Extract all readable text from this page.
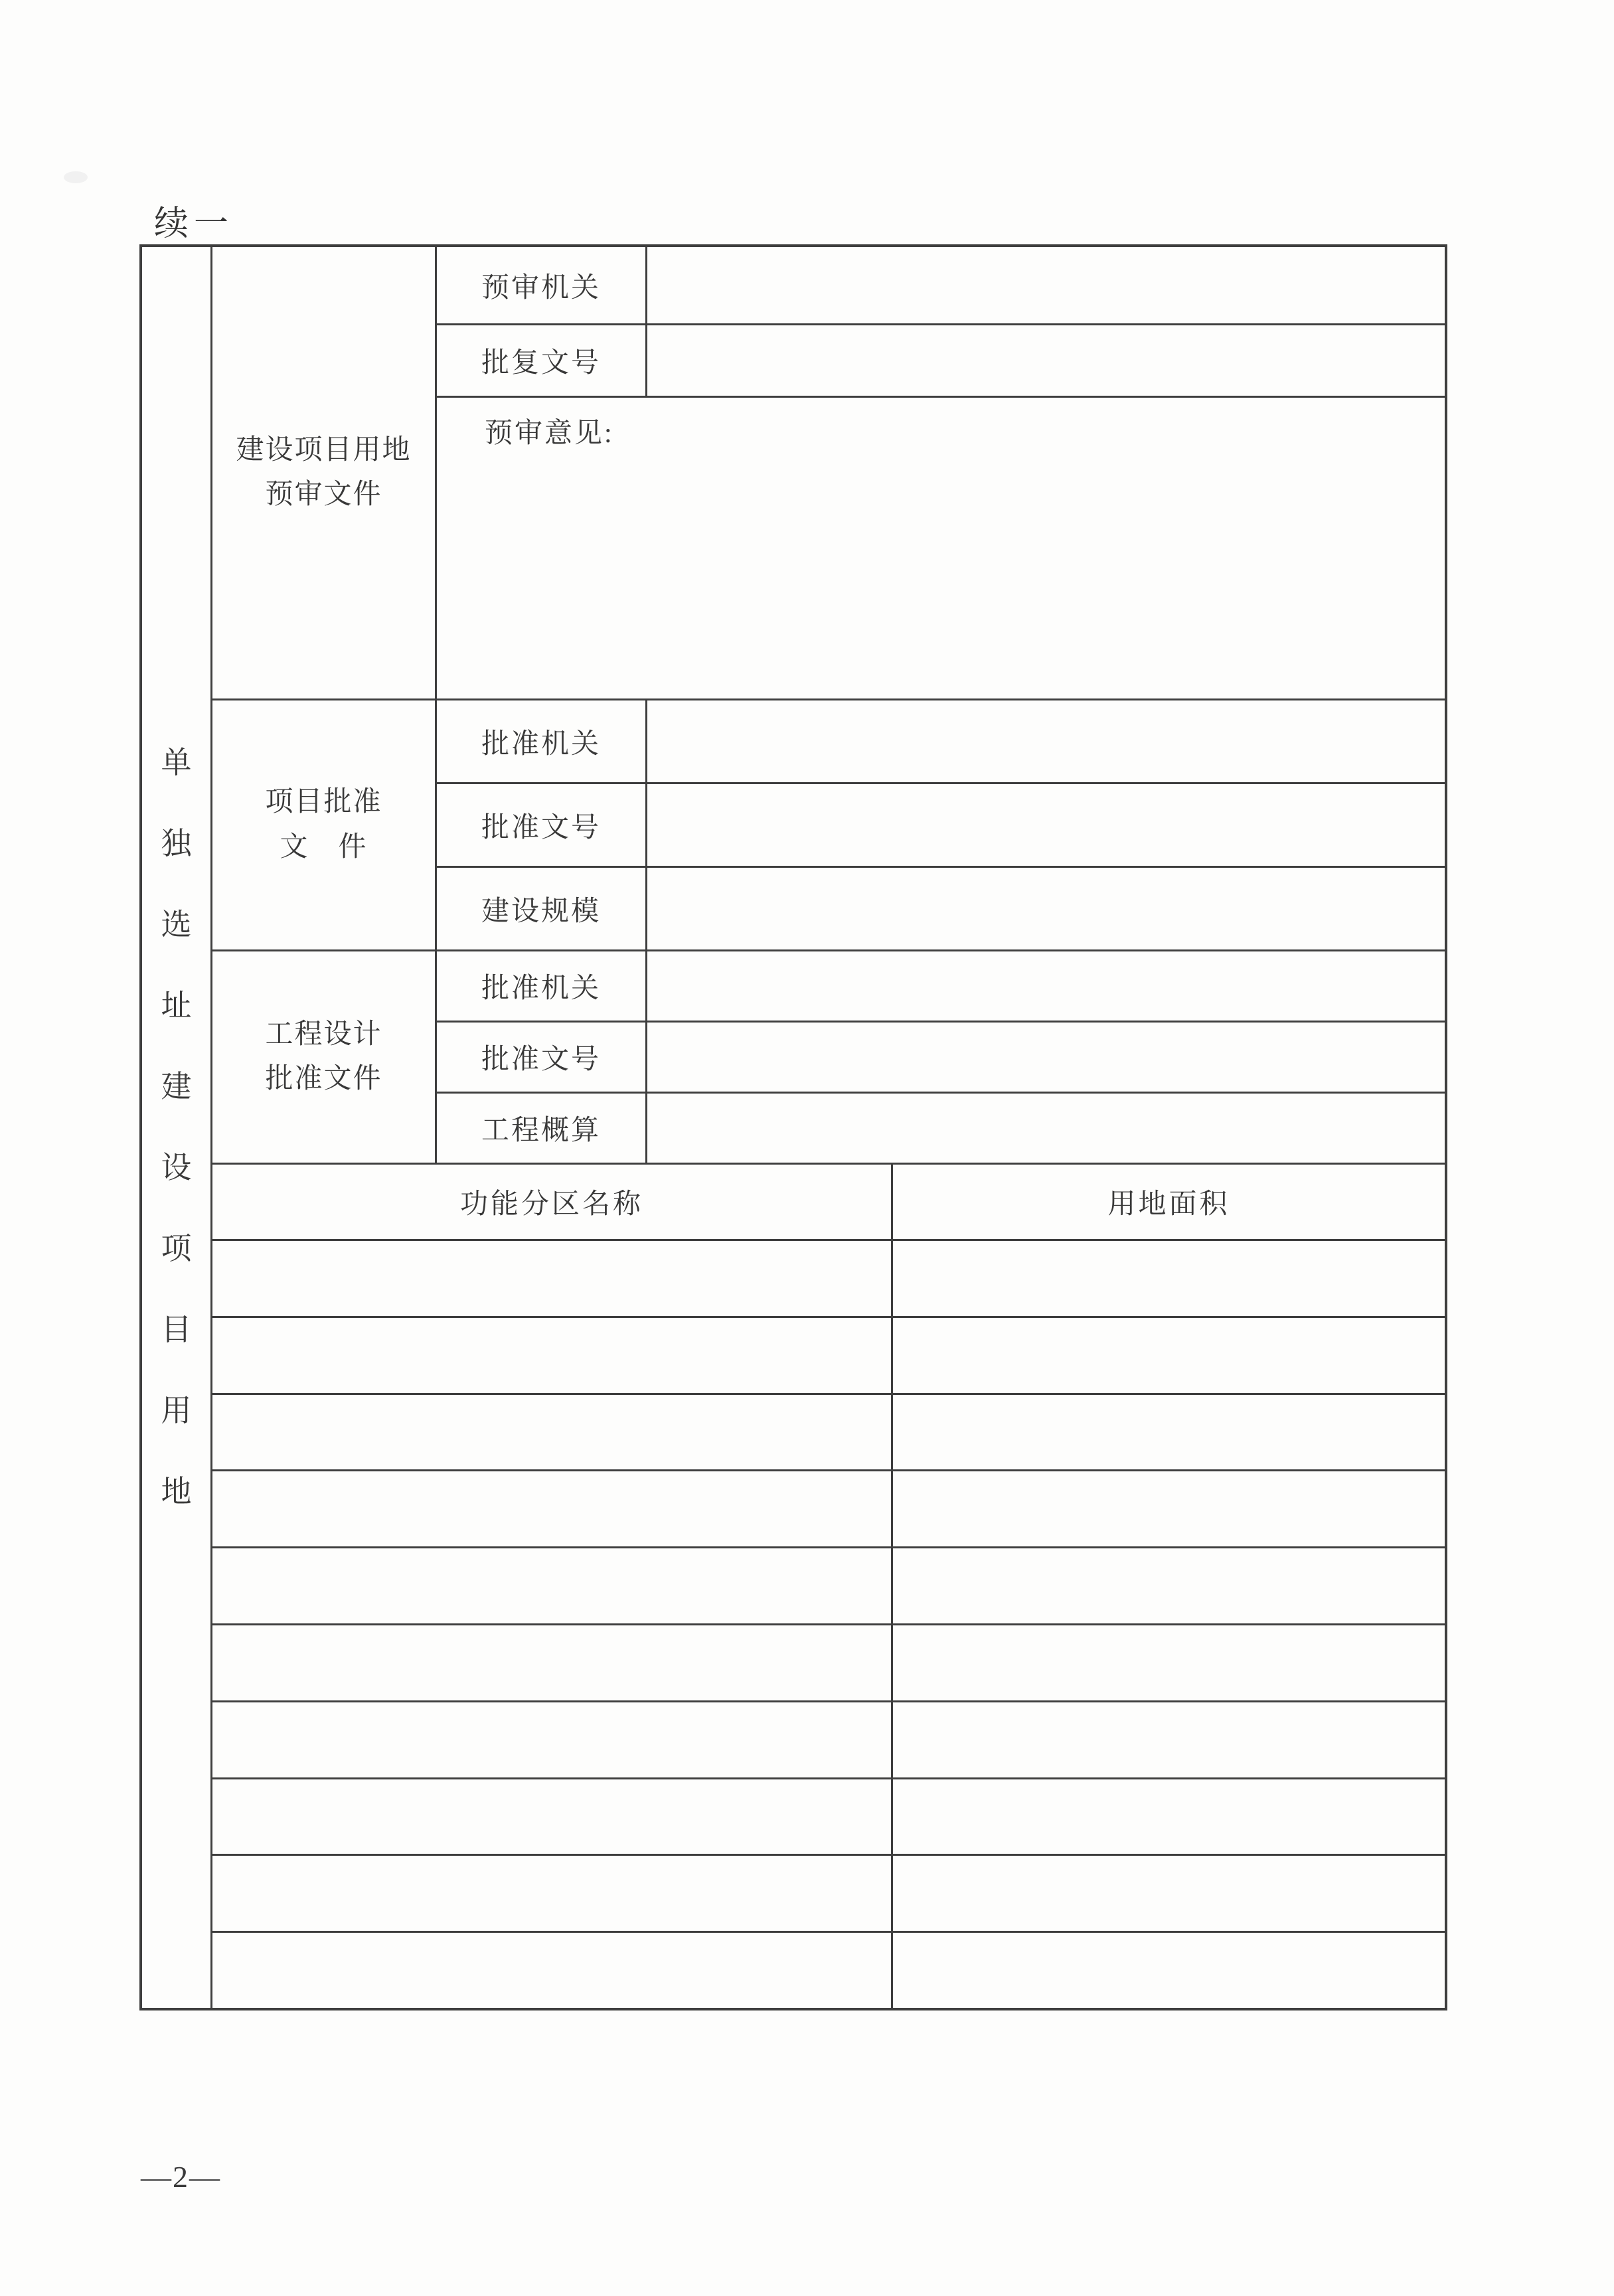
续一
单
独
选
址
建
设
项
目
用
地
建设项目用地
预审文件
预审机关
批复文号
预审意见:
项目批准
文　件
批准机关
批准文号
建设规模
工程设计
批准文件
批准机关
批准文号
工程概算
功能分区名称	用地面积
—2—
